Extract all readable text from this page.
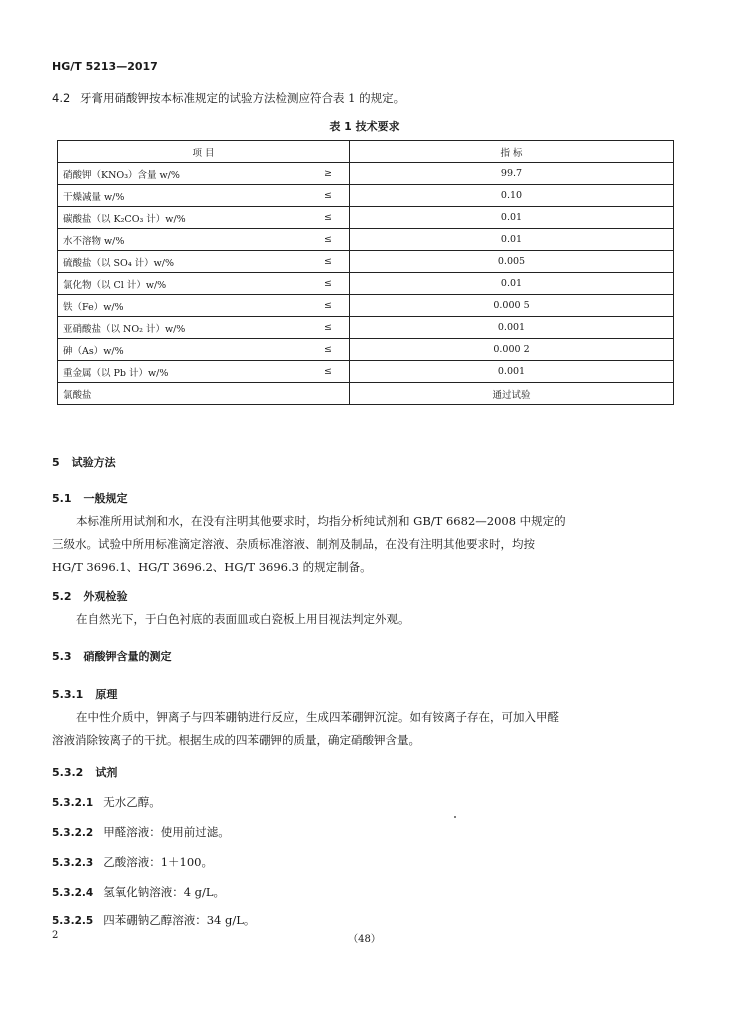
HG/T 5213—2017
4.2 牙膏用硝酸钾按本标准规定的试验方法检测应符合表 1 的规定。
表 1 技术要求
项 目		指 标
硝酸钾（KNO₃）含量 w/%	≥	99.7
干燥减量 w/%	≤	0.10
碳酸盐（以 K₂CO₃ 计）w/%	≤	0.01
水不溶物 w/%	≤	0.01
硫酸盐（以 SO₄ 计）w/%	≤	0.005
氯化物（以 Cl 计）w/%	≤	0.01
铁（Fe）w/%	≤	0.000 5
亚硝酸盐（以 NO₂ 计）w/%	≤	0.001
砷（As）w/%	≤	0.000 2
重金属（以 Pb 计）w/%	≤	0.001
氯酸盐		通过试验
5 试验方法
5.1 一般规定
本标准所用试剂和水，在没有注明其他要求时，均指分析纯试剂和 GB/T 6682—2008 中规定的
三级水。试验中所用标准滴定溶液、杂质标准溶液、制剂及制品，在没有注明其他要求时，均按
HG/T 3696.1、HG/T 3696.2、HG/T 3696.3 的规定制备。
5.2 外观检验
在自然光下，于白色衬底的表面皿或白瓷板上用目视法判定外观。
5.3 硝酸钾含量的测定
5.3.1 原理
在中性介质中，钾离子与四苯硼钠进行反应，生成四苯硼钾沉淀。如有铵离子存在，可加入甲醛
溶液消除铵离子的干扰。根据生成的四苯硼钾的质量，确定硝酸钾含量。
5.3.2 试剂
5.3.2.1 无水乙醇。
5.3.2.2 甲醛溶液：使用前过滤。
5.3.2.3 乙酸溶液：1＋100。
5.3.2.4 氢氧化钠溶液：4 g/L。
5.3.2.5 四苯硼钠乙醇溶液：34 g/L。
2	（48）
